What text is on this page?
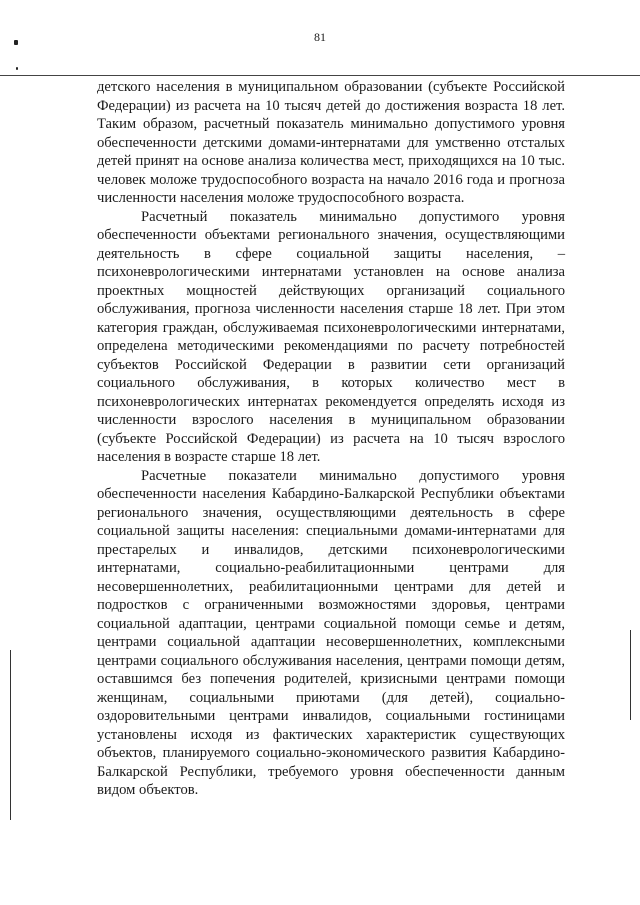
81

детского населения в муниципальном образовании (субъекте Российской Федерации) из расчета на 10 тысяч детей до достижения возраста 18 лет. Таким образом, расчетный показатель минимально допустимого уровня обеспеченности детскими домами-интернатами для умственно отсталых детей принят на основе анализа количества мест, приходящихся на 10 тыс. человек моложе трудоспособного возраста на начало 2016 года и прогноза численности населения моложе трудоспособного возраста.

Расчетный показатель минимально допустимого уровня обеспеченности объектами регионального значения, осуществляющими деятельность в сфере социальной защиты населения, – психоневрологическими интернатами установлен на основе анализа проектных мощностей действующих организаций социального обслуживания, прогноза численности населения старше 18 лет. При этом категория граждан, обслуживаемая психоневрологическими интернатами, определена методическими рекомендациями по расчету потребностей субъектов Российской Федерации в развитии сети организаций социального обслуживания, в которых количество мест в психоневрологических интернатах рекомендуется определять исходя из численности взрослого населения в муниципальном образовании (субъекте Российской Федерации) из расчета на 10 тысяч взрослого населения в возрасте старше 18 лет.

Расчетные показатели минимально допустимого уровня обеспеченности населения Кабардино-Балкарской Республики объектами регионального значения, осуществляющими деятельность в сфере социальной защиты населения: специальными домами-интернатами для престарелых и инвалидов, детскими психоневрологическими интернатами, социально-реабилитационными центрами для несовершеннолетних, реабилитационными центрами для детей и подростков с ограниченными возможностями здоровья, центрами социальной адаптации, центрами социальной помощи семье и детям, центрами социальной адаптации несовершеннолетних, комплексными центрами социального обслуживания населения, центрами помощи детям, оставшимся без попечения родителей, кризисными центрами помощи женщинам, социальными приютами (для детей), социально-оздоровительными центрами инвалидов, социальными гостиницами установлены исходя из фактических характеристик существующих объектов, планируемого социально-экономического развития Кабардино-Балкарской Республики, требуемого уровня обеспеченности данным видом объектов.
